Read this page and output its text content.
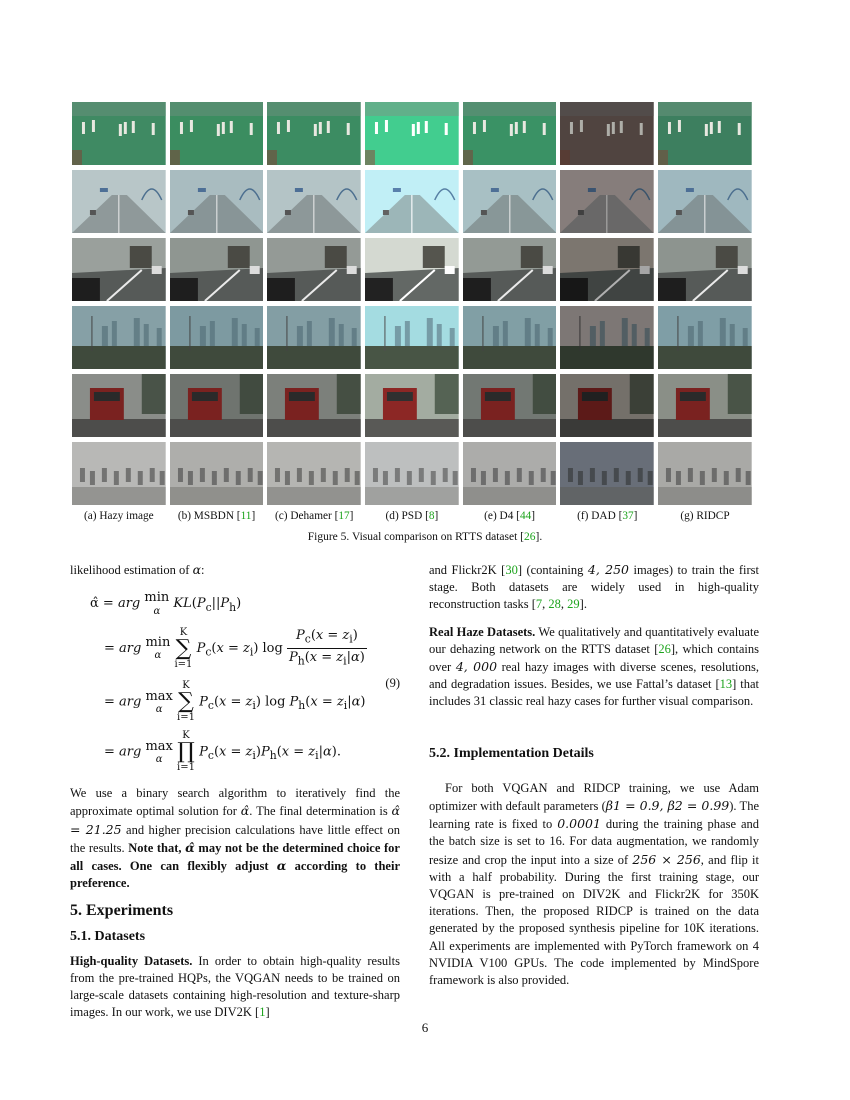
(a) Hazy image	(b) MSBDN [11]	(c) Dehamer [17]	(d) PSD [8]	(e) D4 [44]	(f) DAD [37]	(g) RIDCP
Figure 5. Visual comparison on RTTS dataset [26].

likelihood estimation of α:

α̂ = arg min
α	$KL(P_c||P_h)$
= arg min
α
K
∑
i=1 $P_c(x = z_i)$ $\log \frac{P_c(x = z_i)}{P_h(x = z_i|\alpha)}$
= arg max
α
K
∑
i=1 $P_c(x = z_i)$ $\log P_h(x = z_i|\alpha)$
= arg max
α
K
∏
i=1 $P_c(x = z_i)P_h(x = z_i|\alpha)$.
(9)

We use a binary search algorithm to iteratively find the approximate optimal solution for α̂. The final determination is α̂ = 21.25 and higher precision calculations have little effect on the results. Note that, α̂ may not be the determined choice for all cases. One can flexibly adjust α according to their preference.

5. Experiments
5.1. Datasets

High-quality Datasets. In order to obtain high-quality results from the pre-trained HQPs, the VQGAN needs to be trained on large-scale datasets containing high-resolution and texture-sharp images. In our work, we use DIV2K [1]

and Flickr2K [30] (containing 4, 250 images) to train the first stage. Both datasets are widely used in high-quality reconstruction tasks [7, 28, 29].

Real Haze Datasets. We qualitatively and quantitatively evaluate our dehazing network on the RTTS dataset [26], which contains over 4, 000 real hazy images with diverse scenes, resolutions, and degradation issues. Besides, we use Fattal’s dataset [13] that includes 31 classic real hazy cases for further visual comparison.

5.2. Implementation Details

For both VQGAN and RIDCP training, we use Adam optimizer with default parameters (β1 = 0.9, β2 = 0.99). The learning rate is fixed to 0.0001 during the training phase and the batch size is set to 16. For data augmentation, we randomly resize and crop the input into a size of 256 × 256, and flip it with a half probability. During the first training stage, our VQGAN is pre-trained on DIV2K and Flickr2K for 350K iterations. Then, the proposed RIDCP is trained on the data generated by the proposed synthesis pipeline for 10K iterations. All experiments are implemented with PyTorch framework on 4 NVIDIA V100 GPUs. The code implemented by MindSpore framework is also provided.

6
